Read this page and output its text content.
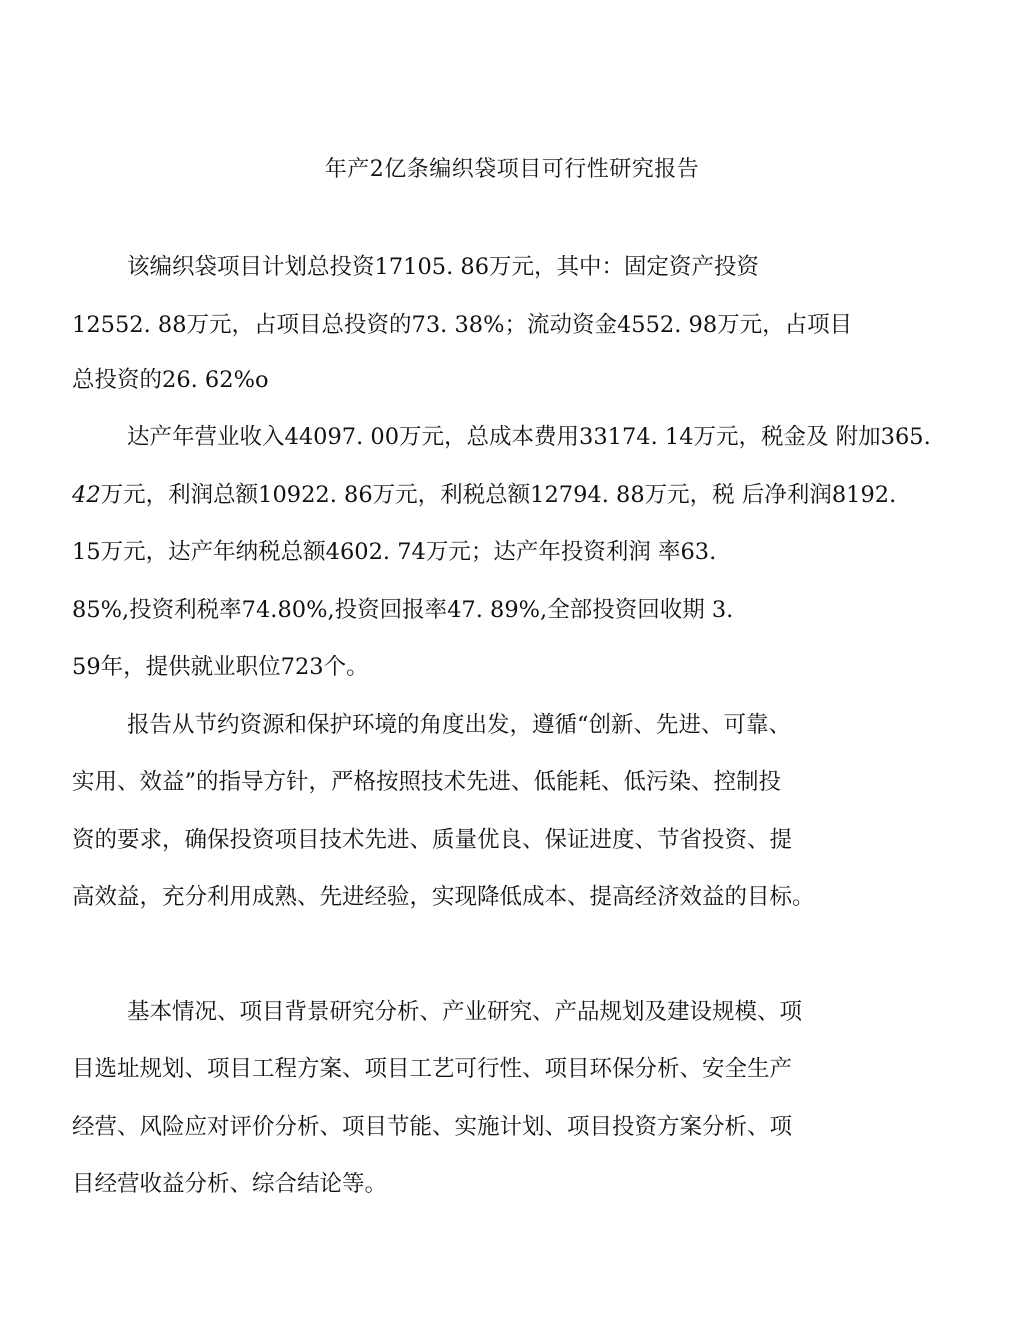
年产2亿条编织袋项目可行性研究报告
该编织袋项目计划总投资17105. 86万元，其中：固定资产投资
12552. 88万元，占项目总投资的73. 38%；流动资金4552. 98万元，占项目
总投资的26. 62%o
达产年营业收入44097. 00万元，总成本费用33174. 14万元，税金及 附加365.
42万元，利润总额10922. 86万元，利税总额12794. 88万元，税 后净利润8192.
15万元，达产年纳税总额4602. 74万元；达产年投资利润 率63.
85%,投资利税率74.80%,投资回报率47. 89%,全部投资回收期 3.
59年，提供就业职位723个。
报告从节约资源和保护环境的角度出发，遵循“创新、先进、可靠、
实用、效益”的指导方针，严格按照技术先进、低能耗、低污染、控制投
资的要求，确保投资项目技术先进、质量优良、保证进度、节省投资、提
高效益，充分利用成熟、先进经验，实现降低成本、提高经济效益的目标。
基本情况、项目背景研究分析、产业研究、产品规划及建设规模、项
目选址规划、项目工程方案、项目工艺可行性、项目环保分析、安全生产
经营、风险应对评价分析、项目节能、实施计划、项目投资方案分析、项
目经营收益分析、综合结论等。
